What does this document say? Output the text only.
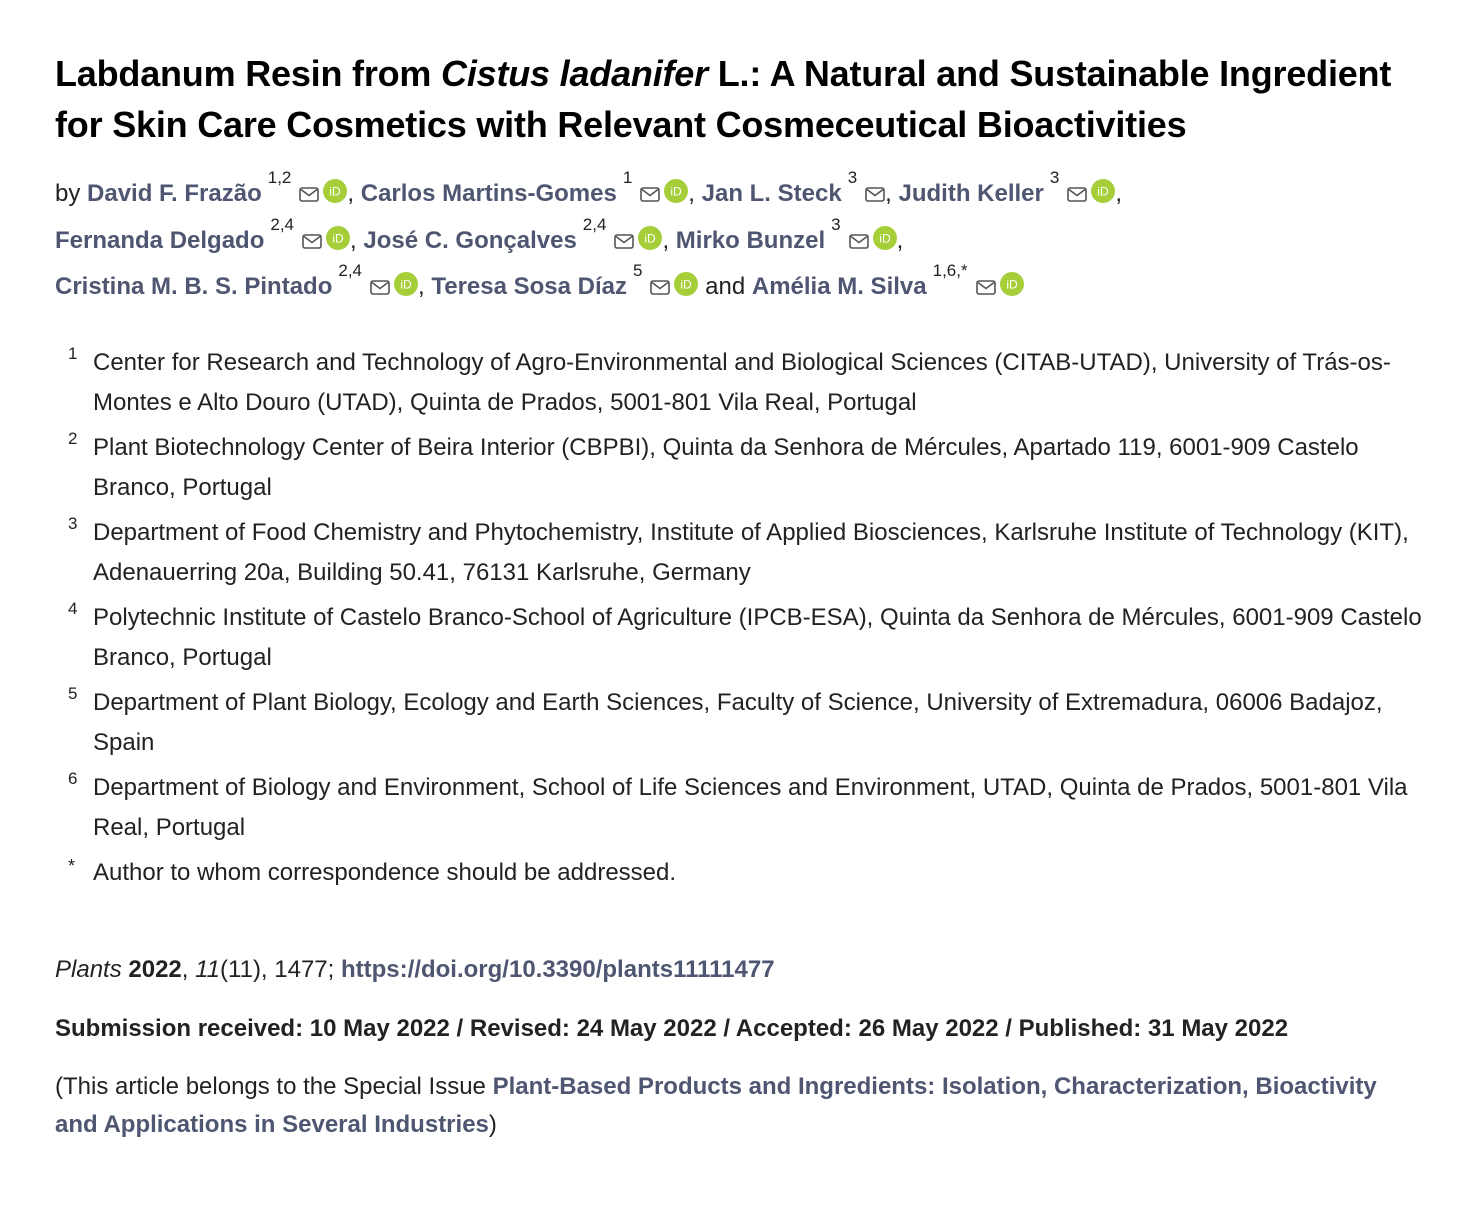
Labdanum Resin from Cistus ladanifer L.: A Natural and Sustainable Ingredient for Skin Care Cosmetics with Relevant Cosmeceutical Bioactivities
by David F. Frazão$^{1,2}$
iD , Carlos Martins-Gomes$^1$
iD , Jan L. Steck$^3$, Judith Keller$^3$
iD ,
Fernanda Delgado$^{2,4}$
iD , José C. Gonçalves$^{2,4}$
iD , Mirko Bunzel$^3$
iD ,
Cristina M. B. S. Pintado$^{2,4}$
iD , Teresa Sosa Díaz$^5$
iD and Amélia M. Silva$^{1,6,*}$
iD
1 Center for Research and Technology of Agro-Environmental and Biological Sciences (CITAB-UTAD), University of Trás-os-Montes e Alto Douro (UTAD), Quinta de Prados, 5001-801 Vila Real, Portugal
2 Plant Biotechnology Center of Beira Interior (CBPBI), Quinta da Senhora de Mércules, Apartado 119, 6001-909 Castelo Branco, Portugal
3 Department of Food Chemistry and Phytochemistry, Institute of Applied Biosciences, Karlsruhe Institute of Technology (KIT), Adenauerring 20a, Building 50.41, 76131 Karlsruhe, Germany
4 Polytechnic Institute of Castelo Branco-School of Agriculture (IPCB-ESA), Quinta da Senhora de Mércules, 6001-909 Castelo Branco, Portugal
5 Department of Plant Biology, Ecology and Earth Sciences, Faculty of Science, University of Extremadura, 06006 Badajoz, Spain
6 Department of Biology and Environment, School of Life Sciences and Environment, UTAD, Quinta de Prados, 5001-801 Vila Real, Portugal
* Author to whom correspondence should be addressed.
Plants 2022, 11(11), 1477; https://doi.org/10.3390/plants11111477
Submission received: 10 May 2022 / Revised: 24 May 2022 / Accepted: 26 May 2022 / Published: 31 May 2022
(This article belongs to the Special Issue Plant-Based Products and Ingredients: Isolation, Characterization, Bioactivity and Applications in Several Industries)
